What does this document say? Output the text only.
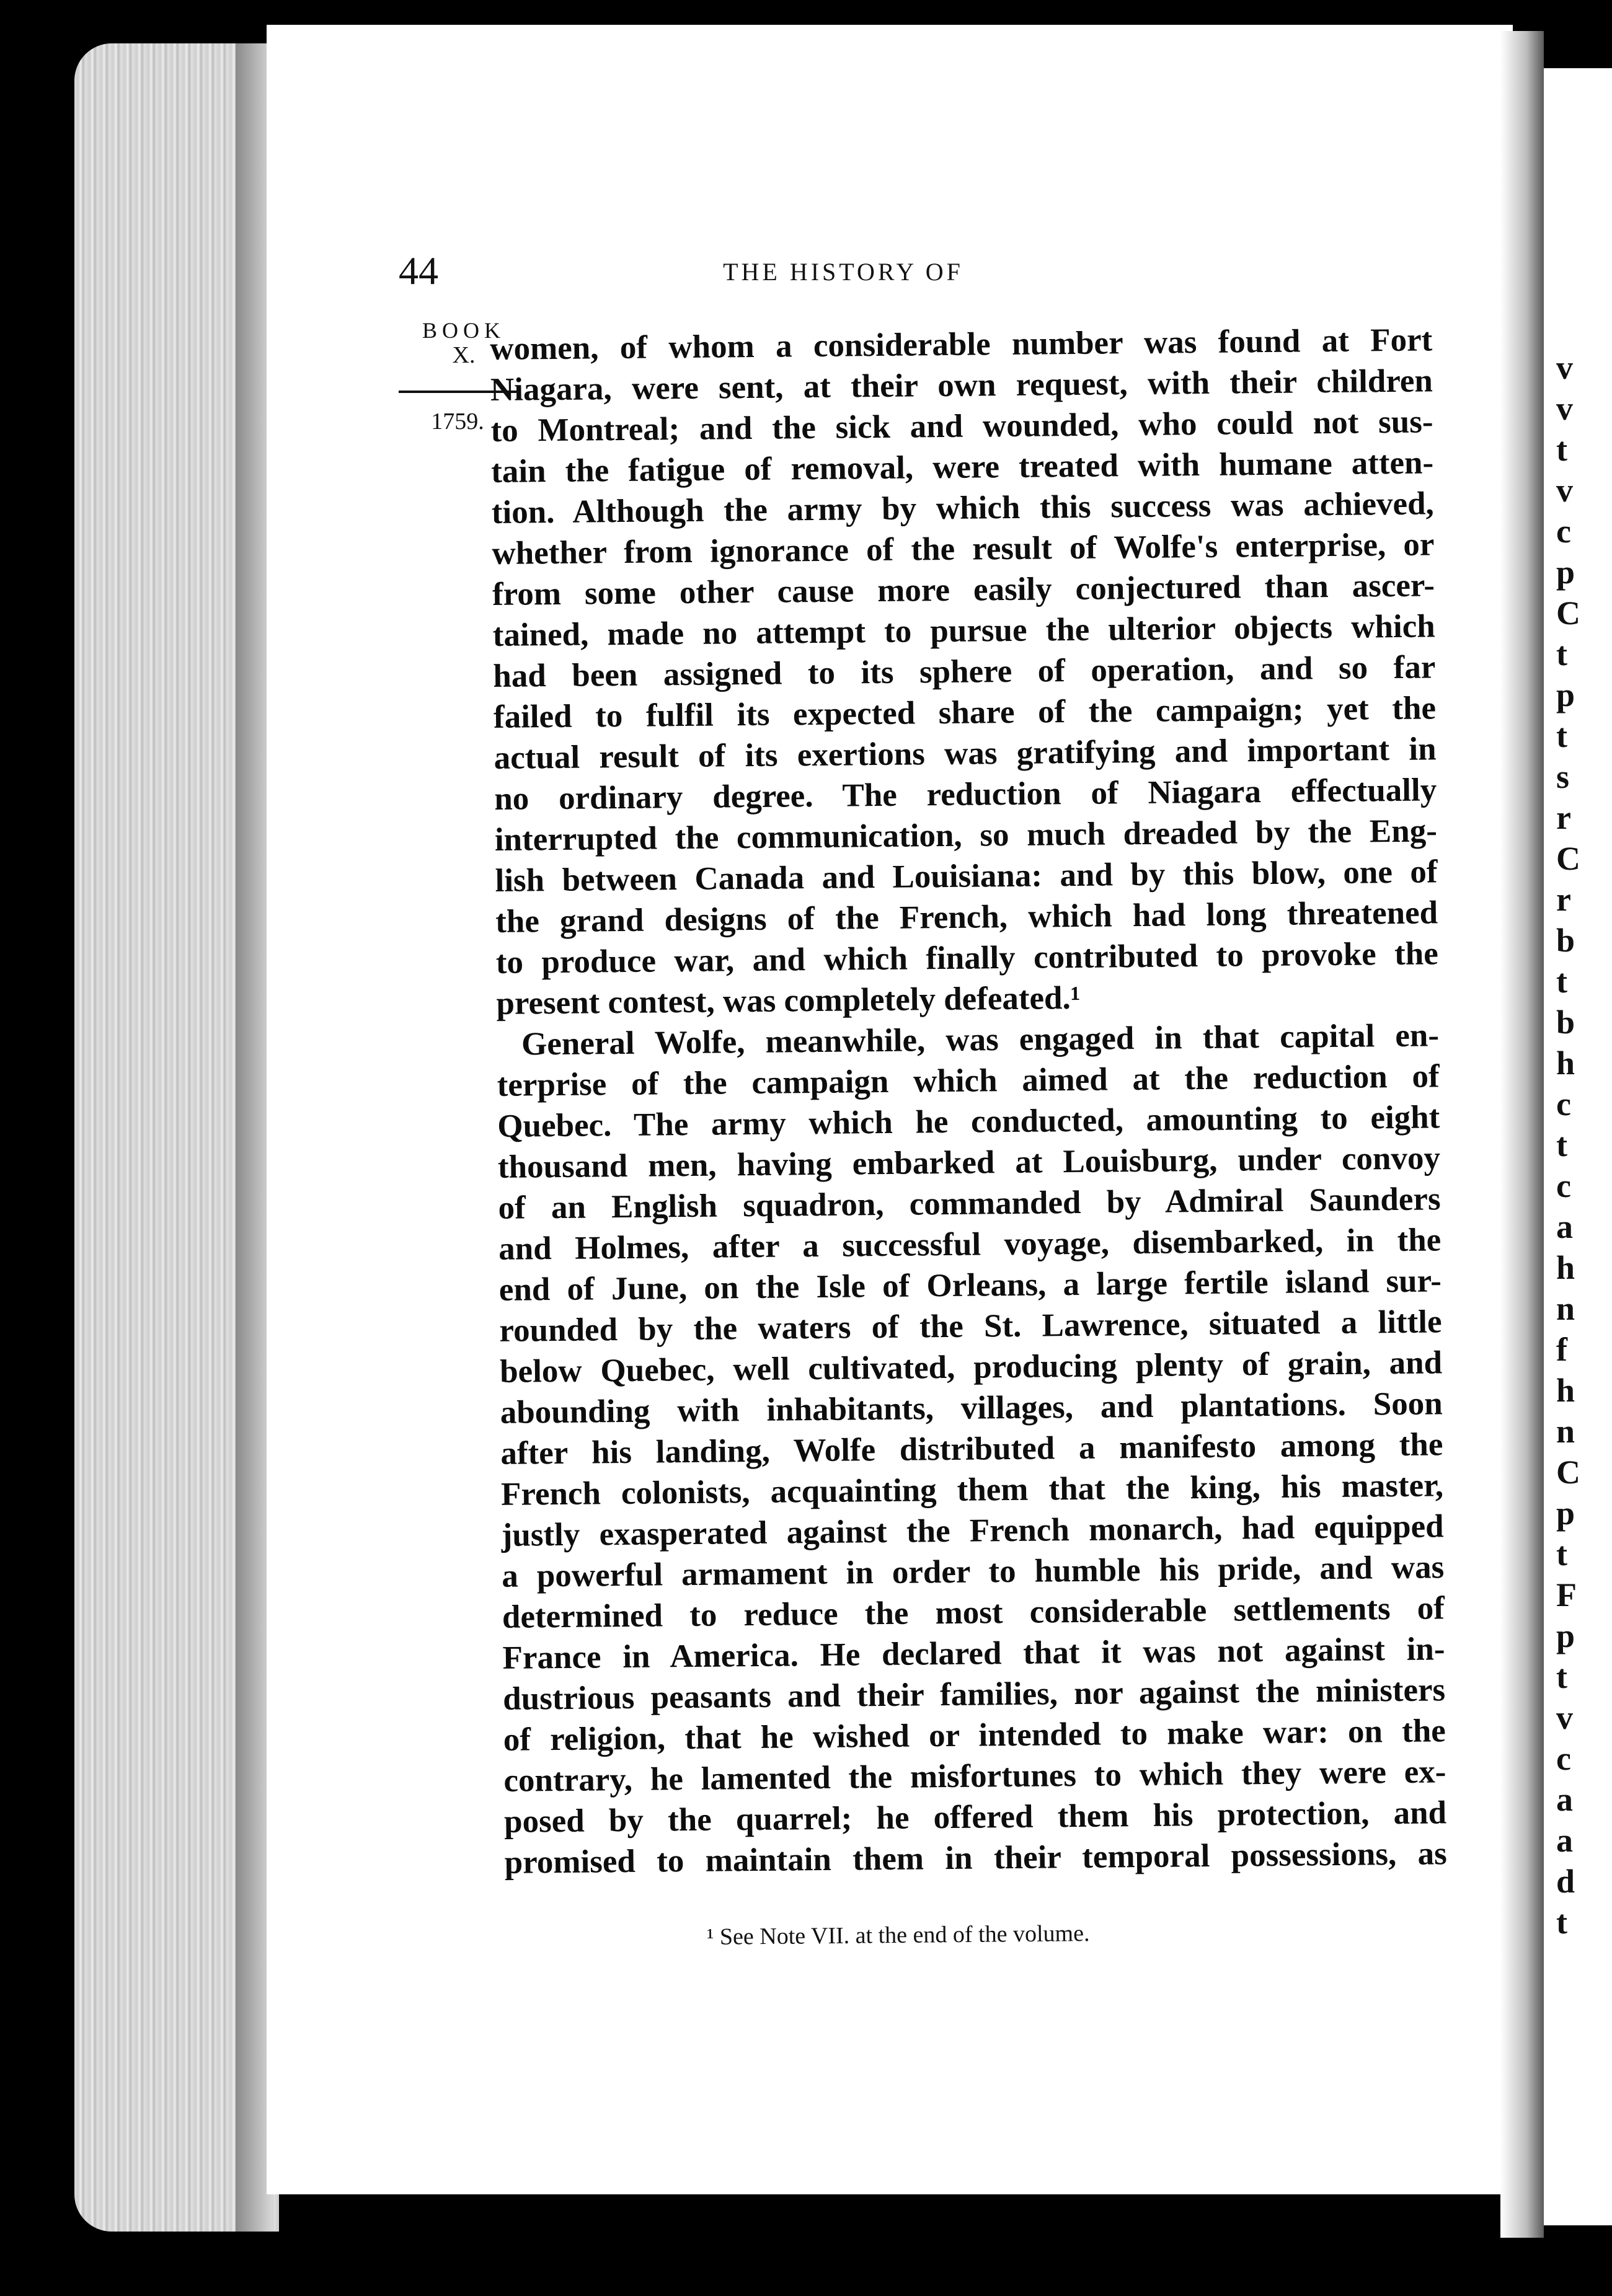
44	THE HISTORY OF
BOOK
X.
1759.
women, of whom a considerable number was found at Fort
Niagara, were sent, at their own request, with their children
to Montreal; and the sick and wounded, who could not sus-
tain the fatigue of removal, were treated with humane atten-
tion. Although the army by which this success was achieved,
whether from ignorance of the result of Wolfe's enterprise, or
from some other cause more easily conjectured than ascer-
tained, made no attempt to pursue the ulterior objects which
had been assigned to its sphere of operation, and so far
failed to fulfil its expected share of the campaign; yet the
actual result of its exertions was gratifying and important in
no ordinary degree. The reduction of Niagara effectually
interrupted the communication, so much dreaded by the Eng-
lish between Canada and Louisiana: and by this blow, one of
the grand designs of the French, which had long threatened
to produce war, and which finally contributed to provoke the
present contest, was completely defeated.¹
General Wolfe, meanwhile, was engaged in that capital en-
terprise of the campaign which aimed at the reduction of
Quebec. The army which he conducted, amounting to eight
thousand men, having embarked at Louisburg, under convoy
of an English squadron, commanded by Admiral Saunders
and Holmes, after a successful voyage, disembarked, in the
end of June, on the Isle of Orleans, a large fertile island sur-
rounded by the waters of the St. Lawrence, situated a little
below Quebec, well cultivated, producing plenty of grain, and
abounding with inhabitants, villages, and plantations. Soon
after his landing, Wolfe distributed a manifesto among the
French colonists, acquainting them that the king, his master,
justly exasperated against the French monarch, had equipped
a powerful armament in order to humble his pride, and was
determined to reduce the most considerable settlements of
France in America. He declared that it was not against in-
dustrious peasants and their families, nor against the ministers
of religion, that he wished or intended to make war: on the
contrary, he lamented the misfortunes to which they were ex-
posed by the quarrel; he offered them his protection, and
promised to maintain them in their temporal possessions, as
¹ See Note VII. at the end of the volume.
v
v
t
v
c
p
C
t
p
t
s
r
C
r
b
t
b
h
c
t
c
a
h
n
f
h
n
C
p
t
F
p
t
v
c
a
a
d
t
